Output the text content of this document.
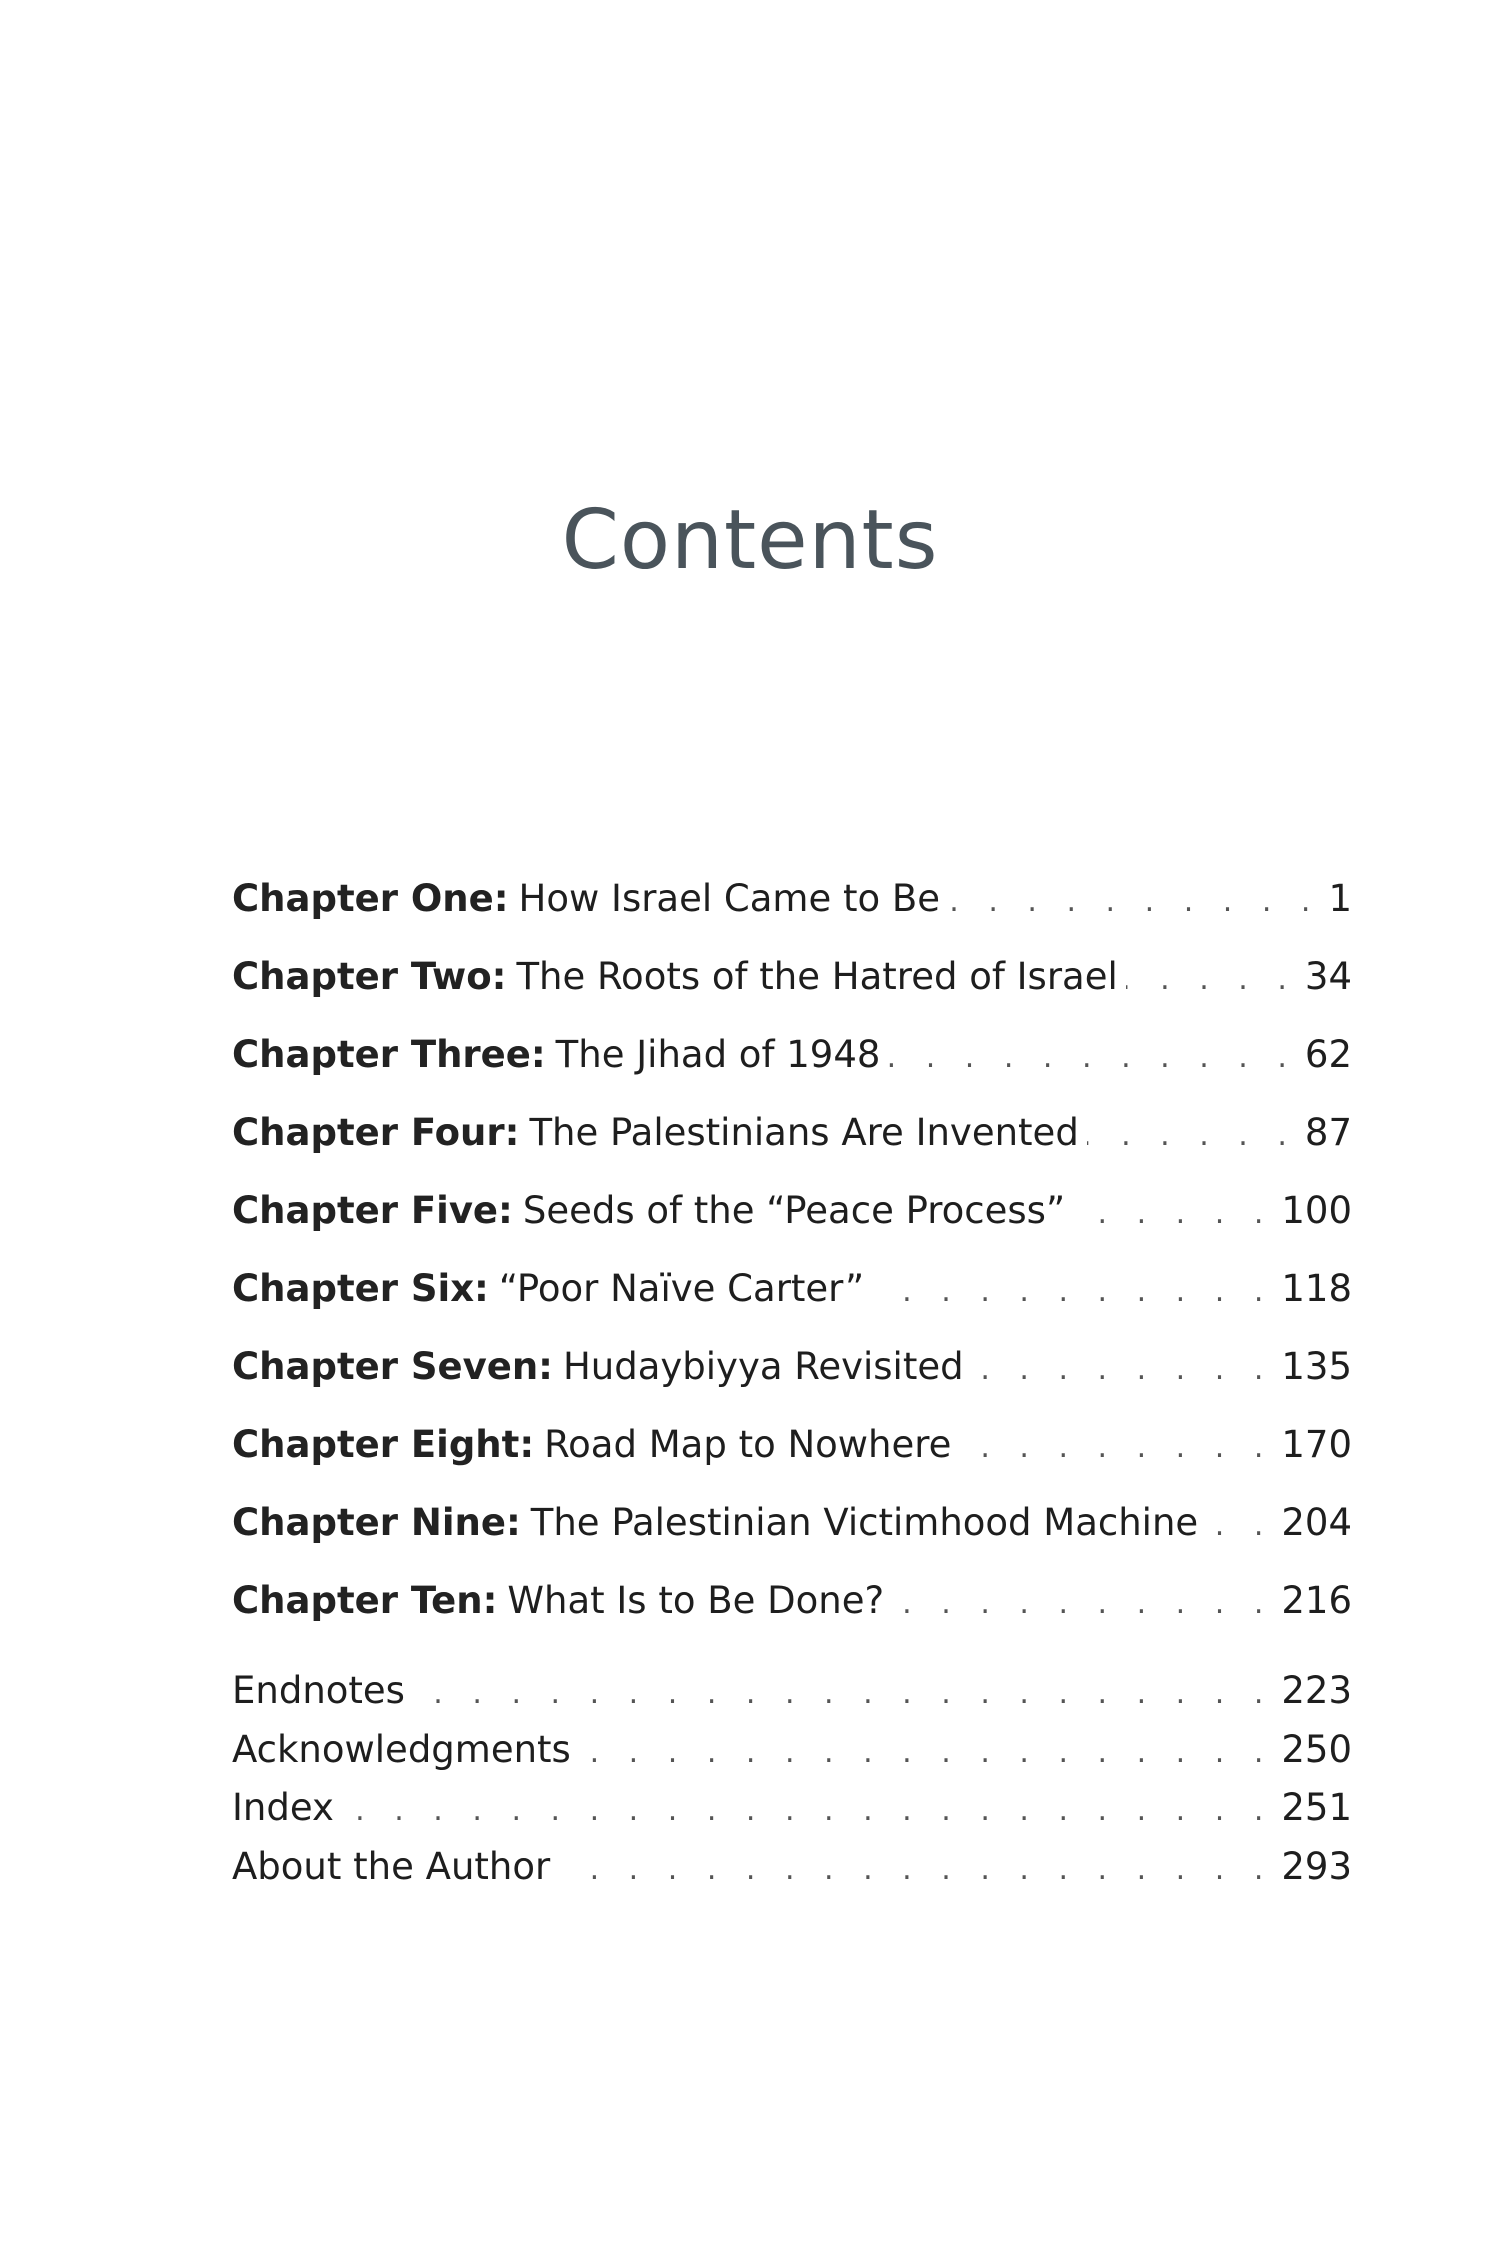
Contents
Chapter One: How Israel Came to Be . . .	1
Chapter Two: The Roots of the Hatred of Israel . . .	34
Chapter Three: The Jihad of 1948 . . .	62
Chapter Four: The Palestinians Are Invented . . .	87
Chapter Five: Seeds of the “Peace Process” . . .	100
Chapter Six: “Poor Naïve Carter” . . .	118
Chapter Seven: Hudaybiyya Revisited . . .	135
Chapter Eight: Road Map to Nowhere . . .	170
Chapter Nine: The Palestinian Victimhood Machine . . . 204
Chapter Ten: What Is to Be Done? . . .	216
Endnotes . . .	223
Acknowledgments . . .	250
Index . . .	251
About the Author . . .	293
